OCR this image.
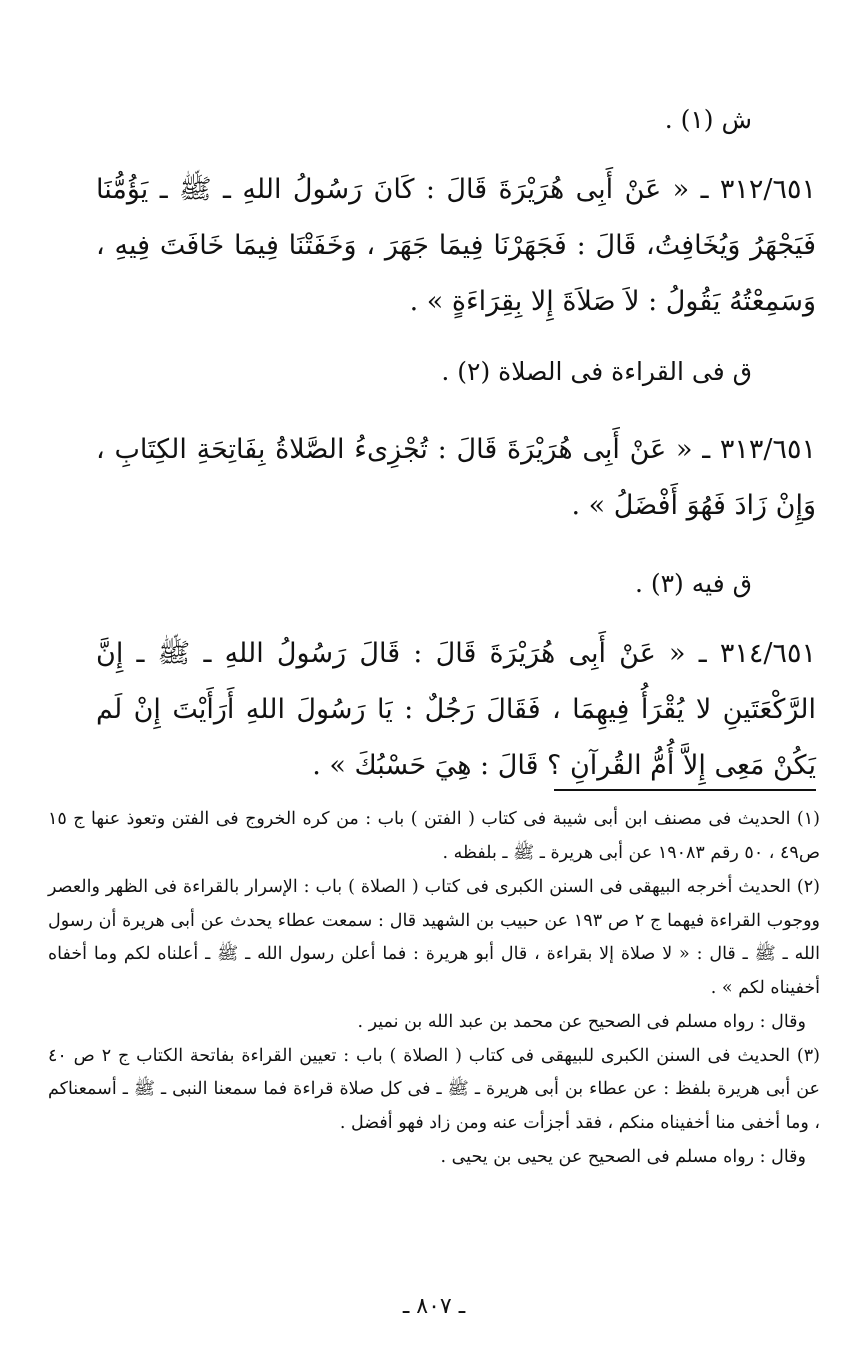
ش (١) .

٣١٢/٦٥١ ـ « عَنْ أَبِى هُرَيْرَةَ قَالَ : كَانَ رَسُولُ اللهِ ـ ﷺ ـ يَؤُمُّنَا فَيَجْهَرُ وَيُخَافِتُ، قَالَ : فَجَهَرْنَا فِيمَا جَهَرَ ، وَخَفَتْنَا فِيمَا خَافَتَ فِيهِ ، وَسَمِعْتُهُ يَقُولُ : لاَ صَلاَةَ إِلا بِقِرَاءَةٍ » .

ق فى القراءة فى الصلاة (٢) .

٣١٣/٦٥١ ـ « عَنْ أَبِى هُرَيْرَةَ قَالَ : تُجْزِىءُ الصَّلاةُ بِفَاتِحَةِ الكِتَابِ ، وَإِنْ زَادَ فَهُوَ أَفْضَلُ » .

ق فيه (٣) .

٣١٤/٦٥١ ـ « عَنْ أَبِى هُرَيْرَةَ قَالَ : قَالَ رَسُولُ اللهِ ـ ﷺ ـ إِنَّ الرَّكْعَتَينِ لا يُقْرَأُ فِيهِمَا ، فَقَالَ رَجُلٌ : يَا رَسُولَ اللهِ أَرَأَيْتَ إِنْ لَم يَكُنْ مَعِى إِلاَّ أُمُّ القُرآنِ ؟ قَالَ : هِيَ حَسْبُكَ » .

(١) الحديث فى مصنف ابن أبى شيبة فى كتاب ( الفتن ) باب : من كره الخروج فى الفتن وتعوذ عنها ج ١٥ ص٤٩ ، ٥٠ رقم ١٩٠٨٣ عن أبى هريرة ـ ﷺ ـ بلفظه .

(٢) الحديث أخرجه البيهقى فى السنن الكبرى فى كتاب ( الصلاة ) باب : الإسرار بالقراءة فى الظهر والعصر ووجوب القراءة فيهما ج ٢ ص ١٩٣ عن حبيب بن الشهيد قال : سمعت عطاء يحدث عن أبى هريرة أن رسول الله ـ ﷺ ـ قال : « لا صلاة إلا بقراءة ، قال أبو هريرة : فما أعلن رسول الله ـ ﷺ ـ أعلناه لكم وما أخفاه أخفيناه لكم » .

وقال : رواه مسلم فى الصحيح عن محمد بن عبد الله بن نمير .

(٣) الحديث فى السنن الكبرى للبيهقى فى كتاب ( الصلاة ) باب : تعيين القراءة بفاتحة الكتاب ج ٢ ص ٤٠ عن أبى هريرة بلفظ : عن عطاء بن أبى هريرة ـ ﷺ ـ فى كل صلاة قراءة فما سمعنا النبى ـ ﷺ ـ أسمعناكم ، وما أخفى منا أخفيناه منكم ، فقد أجزأت عنه ومن زاد فهو أفضل .

وقال : رواه مسلم فى الصحيح عن يحيى بن يحيى .

ـ ٨٠٧ ـ
